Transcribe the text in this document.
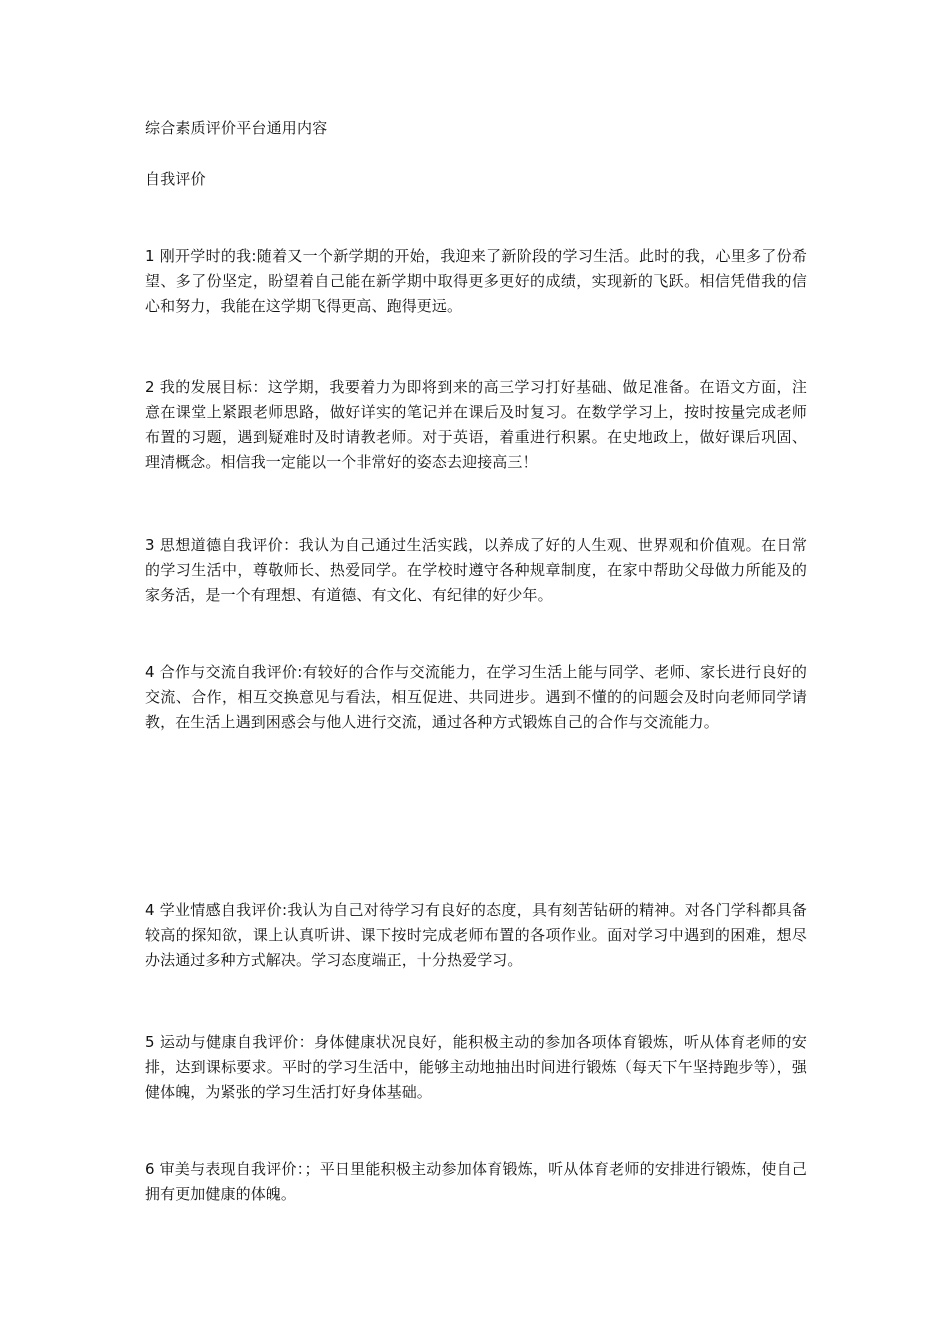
综合素质评价平台通用内容
自我评价
1 刚开学时的我:随着又一个新学期的开始，我迎来了新阶段的学习生活。此时的我，心里多了份希望、多了份坚定，盼望着自己能在新学期中取得更多更好的成绩，实现新的飞跃。相信凭借我的信心和努力，我能在这学期飞得更高、跑得更远。
2 我的发展目标：这学期，我要着力为即将到来的高三学习打好基础、做足准备。在语文方面，注意在课堂上紧跟老师思路，做好详实的笔记并在课后及时复习。在数学学习上，按时按量完成老师布置的习题，遇到疑难时及时请教老师。对于英语，着重进行积累。在史地政上，做好课后巩固、理清概念。相信我一定能以一个非常好的姿态去迎接高三！
3 思想道德自我评价：我认为自己通过生活实践，以养成了好的人生观、世界观和价值观。在日常的学习生活中，尊敬师长、热爱同学。在学校时遵守各种规章制度，在家中帮助父母做力所能及的家务活，是一个有理想、有道德、有文化、有纪律的好少年。
4 合作与交流自我评价:有较好的合作与交流能力，在学习生活上能与同学、老师、家长进行良好的交流、合作，相互交换意见与看法，相互促进、共同进步。遇到不懂的的问题会及时向老师同学请教，在生活上遇到困惑会与他人进行交流，通过各种方式锻炼自己的合作与交流能力。
4 学业情感自我评价:我认为自己对待学习有良好的态度，具有刻苦钻研的精神。对各门学科都具备较高的探知欲，课上认真听讲、课下按时完成老师布置的各项作业。面对学习中遇到的困难，想尽办法通过多种方式解决。学习态度端正，十分热爱学习。
5 运动与健康自我评价：身体健康状况良好，能积极主动的参加各项体育锻炼，听从体育老师的安排，达到课标要求。平时的学习生活中，能够主动地抽出时间进行锻炼（每天下午坚持跑步等），强健体魄，为紧张的学习生活打好身体基础。
6 审美与表现自我评价：；平日里能积极主动参加体育锻炼，听从体育老师的安排进行锻炼，使自己拥有更加健康的体魄。
